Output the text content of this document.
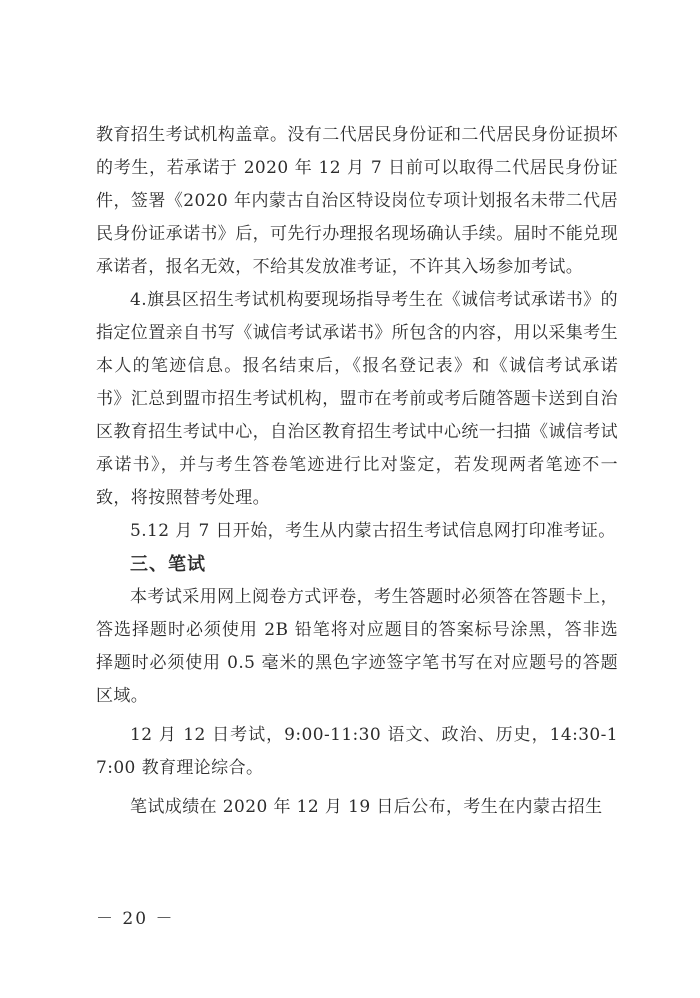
教育招生考试机构盖章。没有二代居民身份证和二代居民身份证损坏的考生，若承诺于 2020 年 12 月 7 日前可以取得二代居民身份证件，签署《2020 年内蒙古自治区特设岗位专项计划报名未带二代居民身份证承诺书》后，可先行办理报名现场确认手续。届时不能兑现承诺者，报名无效，不给其发放准考证，不许其入场参加考试。

4.旗县区招生考试机构要现场指导考生在《诚信考试承诺书》的指定位置亲自书写《诚信考试承诺书》所包含的内容，用以采集考生本人的笔迹信息。报名结束后，《报名登记表》和《诚信考试承诺书》汇总到盟市招生考试机构，盟市在考前或考后随答题卡送到自治区教育招生考试中心，自治区教育招生考试中心统一扫描《诚信考试承诺书》，并与考生答卷笔迹进行比对鉴定，若发现两者笔迹不一致，将按照替考处理。

5.12 月 7 日开始，考生从内蒙古招生考试信息网打印准考证。

三、笔试

本考试采用网上阅卷方式评卷，考生答题时必须答在答题卡上，答选择题时必须使用 2B 铅笔将对应题目的答案标号涂黑，答非选择题时必须使用 0.5 毫米的黑色字迹签字笔书写在对应题号的答题区域。

12 月 12 日考试，9:00-11:30 语文、政治、历史，14:30-17:00 教育理论综合。

笔试成绩在 2020 年 12 月 19 日后公布，考生在内蒙古招生

－ 20 －
